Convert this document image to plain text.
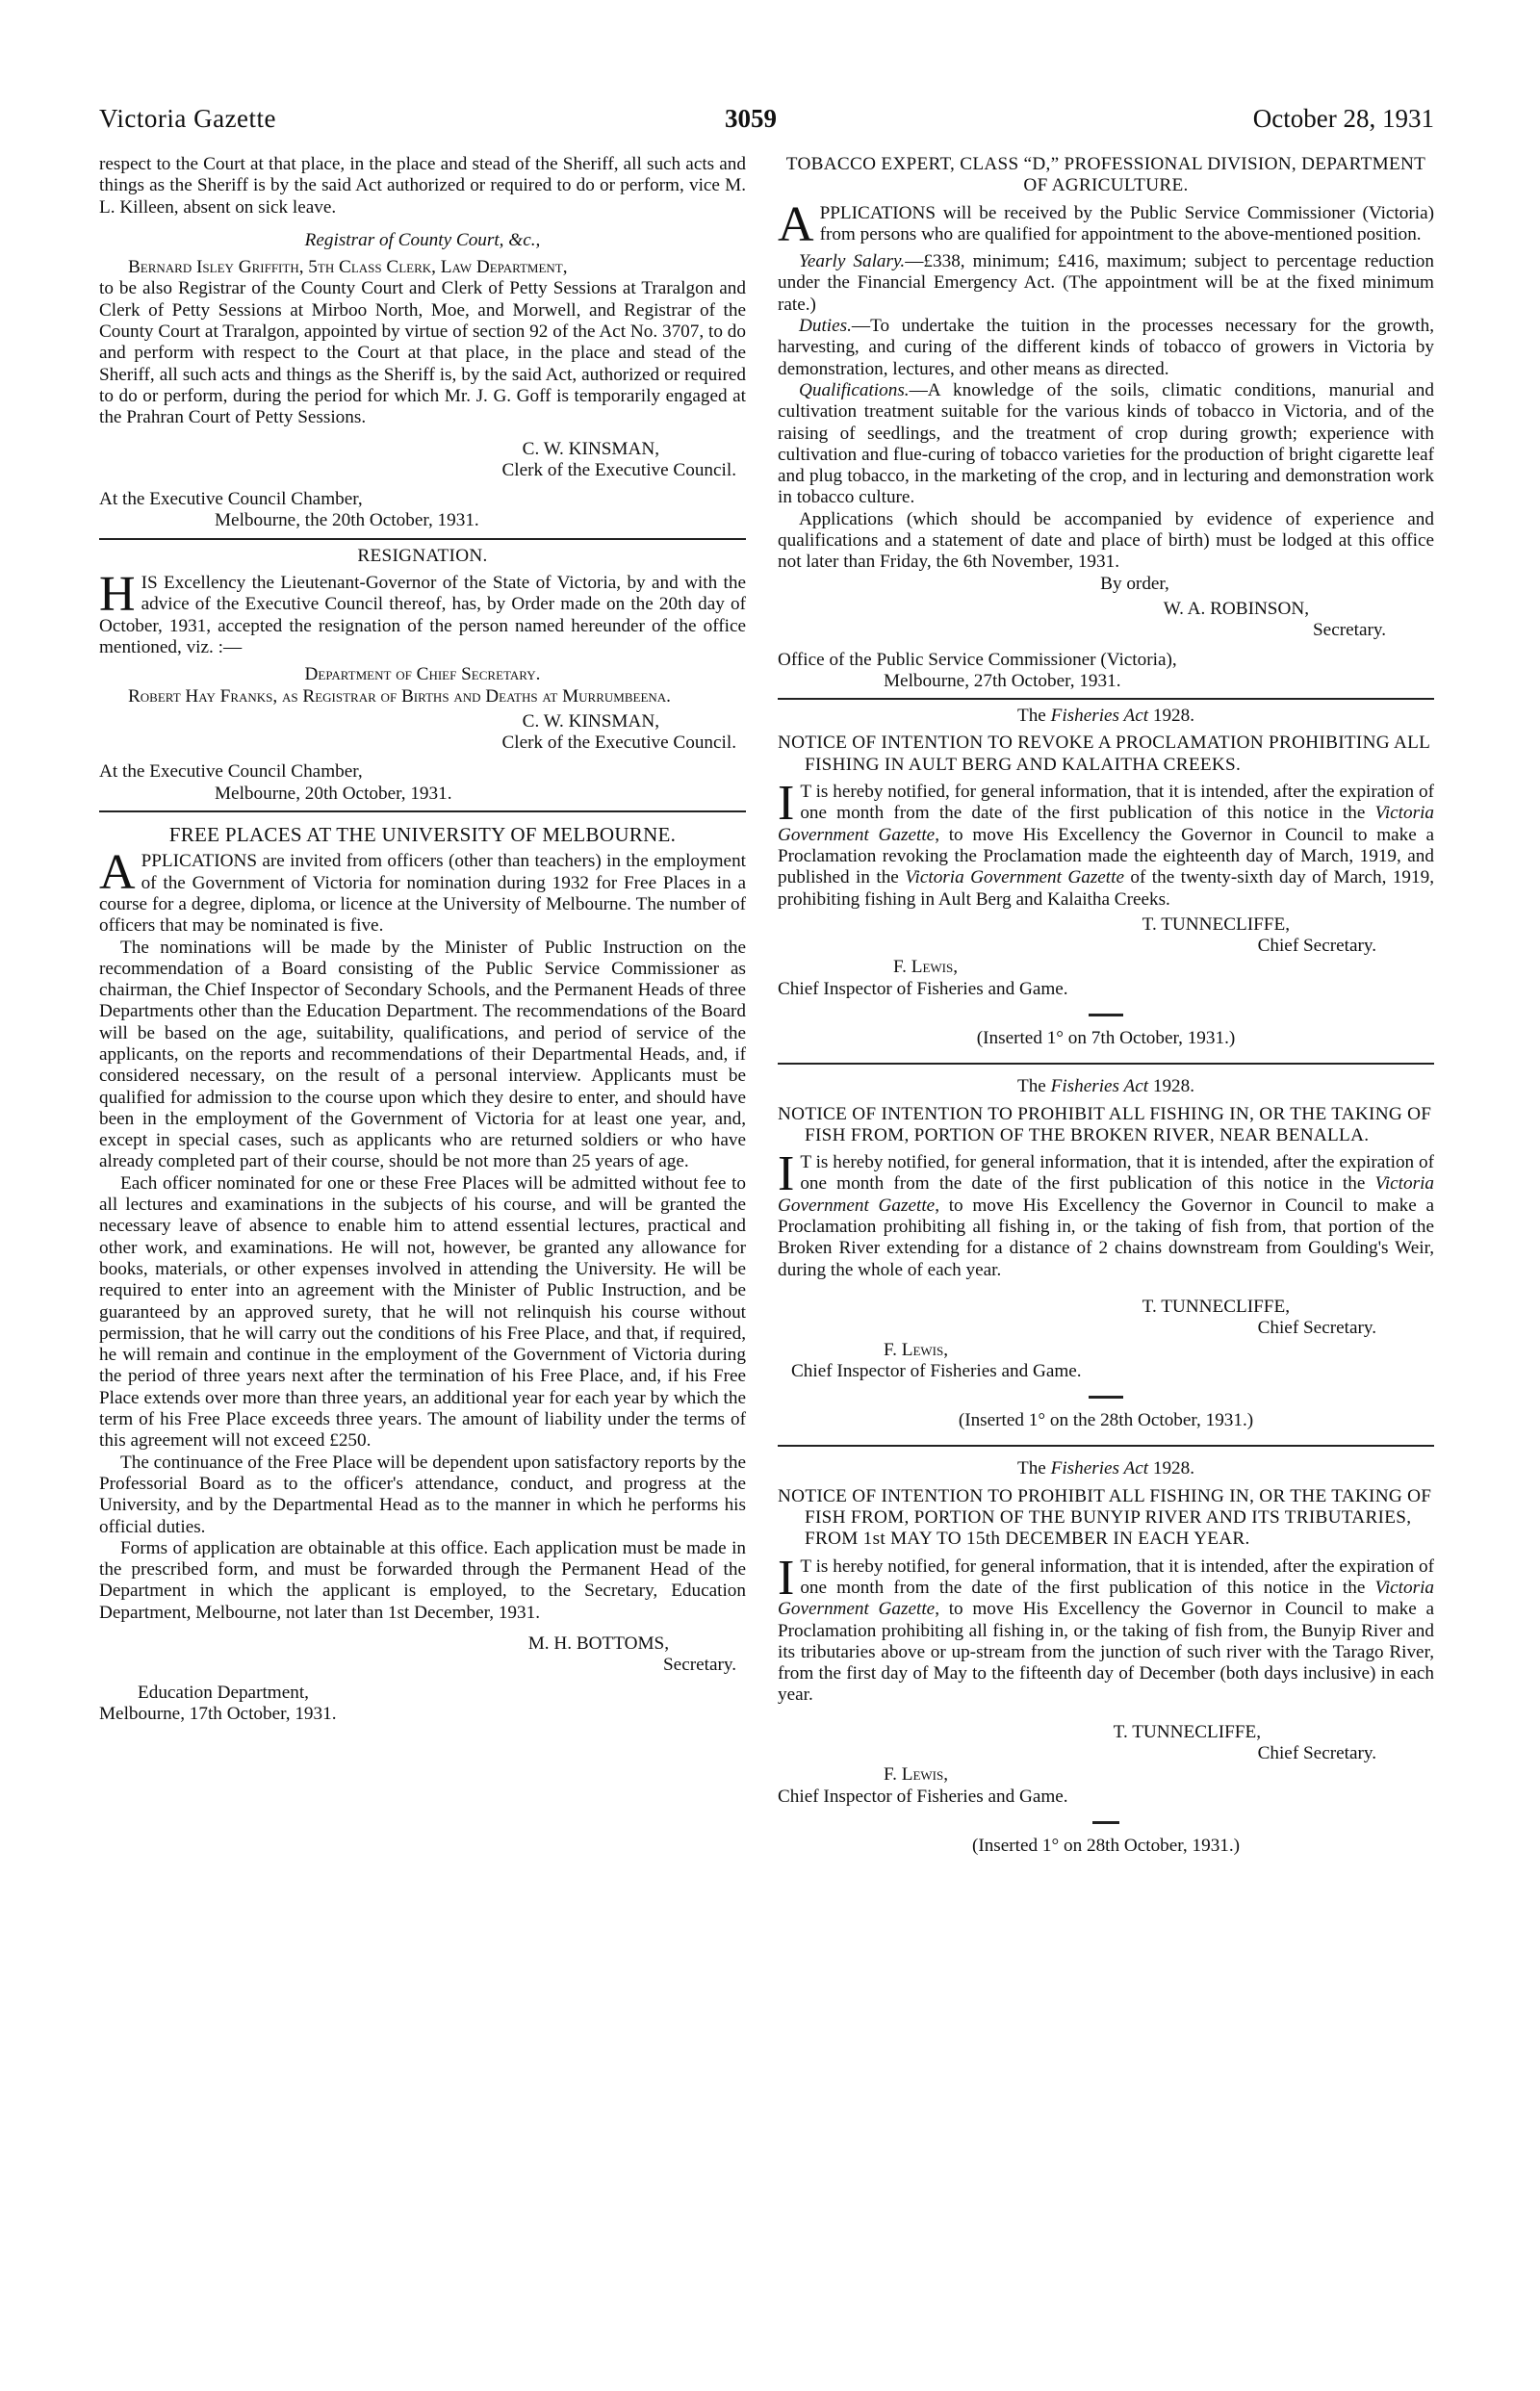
Victoria Gazette	3059	October 28, 1931

respect to the Court at that place, in the place and stead of the Sheriff, all such acts and things as the Sheriff is by the said Act authorized or required to do or perform, vice M. L. Killeen, absent on sick leave.

Registrar of County Court, &c.,

Bernard Isley Griffith, 5th Class Clerk, Law Department,

to be also Registrar of the County Court and Clerk of Petty Sessions at Traralgon and Clerk of Petty Sessions at Mirboo North, Moe, and Morwell, and Registrar of the County Court at Traralgon, appointed by virtue of section 92 of the Act No. 3707, to do and perform with respect to the Court at that place, in the place and stead of the Sheriff, all such acts and things as the Sheriff is, by the said Act, authorized or required to do or perform, during the period for which Mr. J. G. Goff is temporarily engaged at the Prahran Court of Petty Sessions.

C. W. KINSMAN,

Clerk of the Executive Council.

At the Executive Council Chamber,

Melbourne, the 20th October, 1931.

RESIGNATION.

HIS Excellency the Lieutenant-Governor of the State of Victoria, by and with the advice of the Executive Council thereof, has, by Order made on the 20th day of October, 1931, accepted the resignation of the person named hereunder of the office mentioned, viz. :—

Department of Chief Secretary.

Robert Hay Franks, as Registrar of Births and Deaths at Murrumbeena.

C. W. KINSMAN,

Clerk of the Executive Council.

At the Executive Council Chamber,

Melbourne, 20th October, 1931.

FREE PLACES AT THE UNIVERSITY OF MELBOURNE.

APPLICATIONS are invited from officers (other than teachers) in the employment of the Government of Victoria for nomination during 1932 for Free Places in a course for a degree, diploma, or licence at the University of Melbourne. The number of officers that may be nominated is five.

The nominations will be made by the Minister of Public Instruction on the recommendation of a Board consisting of the Public Service Commissioner as chairman, the Chief Inspector of Secondary Schools, and the Permanent Heads of three Departments other than the Education Department. The recommendations of the Board will be based on the age, suitability, qualifications, and period of service of the applicants, on the reports and recommendations of their Departmental Heads, and, if considered necessary, on the result of a personal interview. Applicants must be qualified for admission to the course upon which they desire to enter, and should have been in the employment of the Government of Victoria for at least one year, and, except in special cases, such as applicants who are returned soldiers or who have already completed part of their course, should be not more than 25 years of age.

Each officer nominated for one or these Free Places will be admitted without fee to all lectures and examinations in the subjects of his course, and will be granted the necessary leave of absence to enable him to attend essential lectures, practical and other work, and examinations. He will not, however, be granted any allowance for books, materials, or other expenses involved in attending the University. He will be required to enter into an agreement with the Minister of Public Instruction, and be guaranteed by an approved surety, that he will not relinquish his course without permission, that he will carry out the conditions of his Free Place, and that, if required, he will remain and continue in the employment of the Government of Victoria during the period of three years next after the termination of his Free Place, and, if his Free Place extends over more than three years, an additional year for each year by which the term of his Free Place exceeds three years. The amount of liability under the terms of this agreement will not exceed £250.

The continuance of the Free Place will be dependent upon satisfactory reports by the Professorial Board as to the officer's attendance, conduct, and progress at the University, and by the Departmental Head as to the manner in which he performs his official duties.

Forms of application are obtainable at this office. Each application must be made in the prescribed form, and must be forwarded through the Permanent Head of the Department in which the applicant is employed, to the Secretary, Education Department, Melbourne, not later than 1st December, 1931.

M. H. BOTTOMS,

Secretary.

Education Department,

Melbourne, 17th October, 1931.

TOBACCO EXPERT, CLASS “D,” PROFESSIONAL DIVISION, DEPARTMENT OF AGRICULTURE.

APPLICATIONS will be received by the Public Service Commissioner (Victoria) from persons who are qualified for appointment to the above-mentioned position.

Yearly Salary.—£338, minimum; £416, maximum; subject to percentage reduction under the Financial Emergency Act. (The appointment will be at the fixed minimum rate.)

Duties.—To undertake the tuition in the processes necessary for the growth, harvesting, and curing of the different kinds of tobacco of growers in Victoria by demonstration, lectures, and other means as directed.

Qualifications.—A knowledge of the soils, climatic conditions, manurial and cultivation treatment suitable for the various kinds of tobacco in Victoria, and of the raising of seedlings, and the treatment of crop during growth; experience with cultivation and flue-curing of tobacco varieties for the production of bright cigarette leaf and plug tobacco, in the marketing of the crop, and in lecturing and demonstration work in tobacco culture.

Applications (which should be accompanied by evidence of experience and qualifications and a statement of date and place of birth) must be lodged at this office not later than Friday, the 6th November, 1931.

By order,

W. A. ROBINSON,

Secretary.

Office of the Public Service Commissioner (Victoria),

Melbourne, 27th October, 1931.

The Fisheries Act 1928.

NOTICE OF INTENTION TO REVOKE A PROCLAMATION PROHIBITING ALL FISHING IN AULT BERG AND KALAITHA CREEKS.

I T is hereby notified, for general information, that it is intended, after the expiration of one month from the date of the first publication of this notice in the Victoria Government Gazette, to move His Excellency the Governor in Council to make a Proclamation revoking the Proclamation made the eighteenth day of March, 1919, and published in the Victoria Government Gazette of the twenty-sixth day of March, 1919, prohibiting fishing in Ault Berg and Kalaitha Creeks.

T. TUNNECLIFFE,

Chief Secretary.

F. Lewis,

Chief Inspector of Fisheries and Game.

(Inserted 1° on 7th October, 1931.)

The Fisheries Act 1928.

NOTICE OF INTENTION TO PROHIBIT ALL FISHING IN, OR THE TAKING OF FISH FROM, PORTION OF THE BROKEN RIVER, NEAR BENALLA.

I T is hereby notified, for general information, that it is intended, after the expiration of one month from the date of the first publication of this notice in the Victoria Government Gazette, to move His Excellency the Governor in Council to make a Proclamation prohibiting all fishing in, or the taking of fish from, that portion of the Broken River extending for a distance of 2 chains downstream from Goulding's Weir, during the whole of each year.

T. TUNNECLIFFE,

Chief Secretary.

F. Lewis,

Chief Inspector of Fisheries and Game.

(Inserted 1° on the 28th October, 1931.)

The Fisheries Act 1928.

NOTICE OF INTENTION TO PROHIBIT ALL FISHING IN, OR THE TAKING OF FISH FROM, PORTION OF THE BUNYIP RIVER AND ITS TRIBUTARIES, FROM 1st MAY TO 15th DECEMBER IN EACH YEAR.

I T is hereby notified, for general information, that it is intended, after the expiration of one month from the date of the first publication of this notice in the Victoria Government Gazette, to move His Excellency the Governor in Council to make a Proclamation prohibiting all fishing in, or the taking of fish from, the Bunyip River and its tributaries above or up-stream from the junction of such river with the Tarago River, from the first day of May to the fifteenth day of December (both days inclusive) in each year.

T. TUNNECLIFFE,

Chief Secretary.

F. Lewis,

Chief Inspector of Fisheries and Game.

(Inserted 1° on 28th October, 1931.)
